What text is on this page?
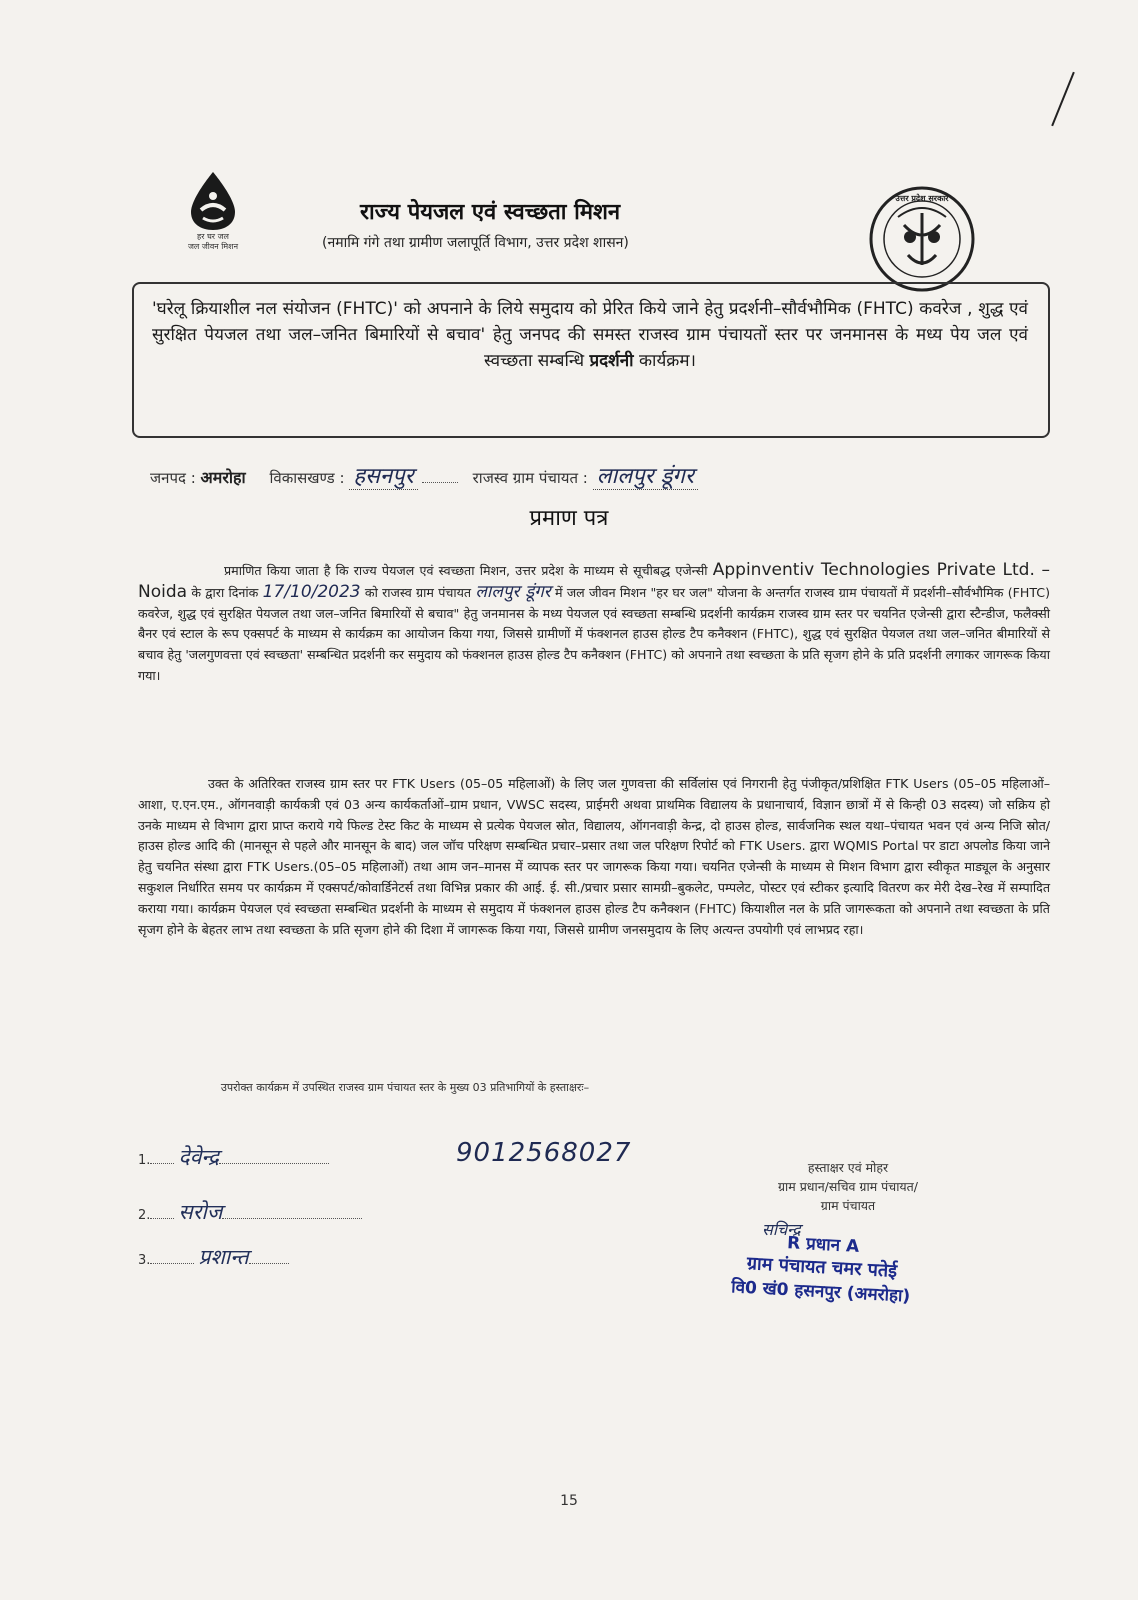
हर घर जल
जल जीवन मिशन
राज्य पेयजल एवं स्वच्छता मिशन
(नमामि गंगे तथा ग्रामीण जलापूर्ति विभाग, उत्तर प्रदेश शासन)
उत्तर प्रदेश सरकार

'घरेलू क्रियाशील नल संयोजन (FHTC)' को अपनाने के लिये समुदाय को प्रेरित किये जाने हेतु प्रदर्शनी–सौर्वभौमिक (FHTC) कवरेज , शुद्ध एवं सुरक्षित पेयजल तथा जल–जनित बिमारियों से बचाव' हेतु जनपद की समस्त राजस्व ग्राम पंचायतों स्तर पर जनमानस के मध्य पेय जल एवं स्वच्छता सम्बन्धि प्रदर्शनी कार्यक्रम।

जनपद : अमरोहा विकासखण्ड : हसनपुर	राजस्व ग्राम पंचायत : लालपुर डूंगर
प्रमाण पत्र
प्रमाणित किया जाता है कि राज्य पेयजल एवं स्वच्छता मिशन, उत्तर प्रदेश के माध्यम से सूचीबद्ध एजेन्सी Appinventiv Technologies Private Ltd. – Noida के द्वारा दिनांक 17/10/2023 को राजस्व ग्राम पंचायत लालपुर डूंगर में जल जीवन मिशन "हर घर जल" योजना के अन्तर्गत राजस्व ग्राम पंचायतों में प्रदर्शनी–सौर्वभौमिक (FHTC) कवरेज, शुद्ध एवं सुरक्षित पेयजल तथा जल–जनित बिमारियों से बचाव" हेतु जनमानस के मध्य पेयजल एवं स्वच्छता सम्बन्धि प्रदर्शनी कार्यक्रम राजस्व ग्राम स्तर पर चयनित एजेन्सी द्वारा स्टैन्डीज, फलैक्सी बैनर एवं स्टाल के रूप एक्सपर्ट के माध्यम से कार्यक्रम का आयोजन किया गया, जिससे ग्रामीणों में फंक्शनल हाउस होल्ड टैप कनैक्शन (FHTC), शुद्ध एवं सुरक्षित पेयजल तथा जल–जनित बीमारियों से बचाव हेतु 'जलगुणवत्ता एवं स्वच्छता' सम्बन्धित प्रदर्शनी कर समुदाय को फंक्शनल हाउस होल्ड टैप कनैक्शन (FHTC) को अपनाने तथा स्वच्छता के प्रति सृजग होने के प्रति प्रदर्शनी लगाकर जागरूक किया गया।
उक्त के अतिरिक्त राजस्व ग्राम स्तर पर FTK Users (05–05 महिलाओं) के लिए जल गुणवत्ता की सर्विलांस एवं निगरानी हेतु पंजीकृत/प्रशिक्षित FTK Users (05–05 महिलाओं–आशा, ए.एन.एम., ऑगनवाड़ी कार्यकत्री एवं 03 अन्य कार्यकर्ताओं–ग्राम प्रधान, VWSC सदस्य, प्राईमरी अथवा प्राथमिक विद्यालय के प्रधानाचार्य, विज्ञान छात्रों में से किन्ही 03 सदस्य) जो सक्रिय हो उनके माध्यम से विभाग द्वारा प्राप्त कराये गये फिल्ड टेस्ट किट के माध्यम से प्रत्येक पेयजल स्रोत, विद्यालय, ऑगनवाड़ी केन्द्र, दो हाउस होल्ड, सार्वजनिक स्थल यथा–पंचायत भवन एवं अन्य निजि स्रोत/हाउस होल्ड आदि की (मानसून से पहले और मानसून के बाद) जल जॉच परिक्षण सम्बन्धित प्रचार–प्रसार तथा जल परिक्षण रिपोर्ट को FTK Users. द्वारा WQMIS Portal पर डाटा अपलोड किया जाने हेतु चयनित संस्था द्वारा FTK Users.(05–05 महिलाओं) तथा आम जन–मानस में व्यापक स्तर पर जागरूक किया गया। चयनित एजेन्सी के माध्यम से मिशन विभाग द्वारा स्वीकृत माड्यूल के अनुसार सकुशल निर्धारित समय पर कार्यक्रम में एक्सपर्ट/कोवार्डिनेटर्स तथा विभिन्न प्रकार की आई. ई. सी./प्रचार प्रसार सामग्री–बुकलेट, पम्पलेट, पोस्टर एवं स्टीकर इत्यादि वितरण कर मेरी देख–रेख में सम्पादित कराया गया। कार्यक्रम पेयजल एवं स्वच्छता सम्बन्धित प्रदर्शनी के माध्यम से समुदाय में फंक्शनल हाउस होल्ड टैप कनैक्शन (FHTC) कियाशील नल के प्रति जागरूकता को अपनाने तथा स्वच्छता के प्रति सृजग होने के बेहतर लाभ तथा स्वच्छता के प्रति सृजग होने की दिशा में जागरूक किया गया, जिससे ग्रामीण जनसमुदाय के लिए अत्यन्त उपयोगी एवं लाभप्रद रहा।
उपरोक्त कार्यक्रम में उपस्थित राजस्व ग्राम पंचायत स्तर के मुख्य 03 प्रतिभागियों के हस्ताक्षरः–
1. देवेन्द्र
2. सरोज
3. प्रशान्त
9012568027	हस्ताक्षर एवं मोहर
ग्राम प्रधान/सचिव ग्राम पंचायत/
ग्राम पंचायत
सचिन्द्र
R प्रधान A
ग्राम पंचायत चमर पतेई
वि0 खं0 हसनपुर (अमरोहा)
15
